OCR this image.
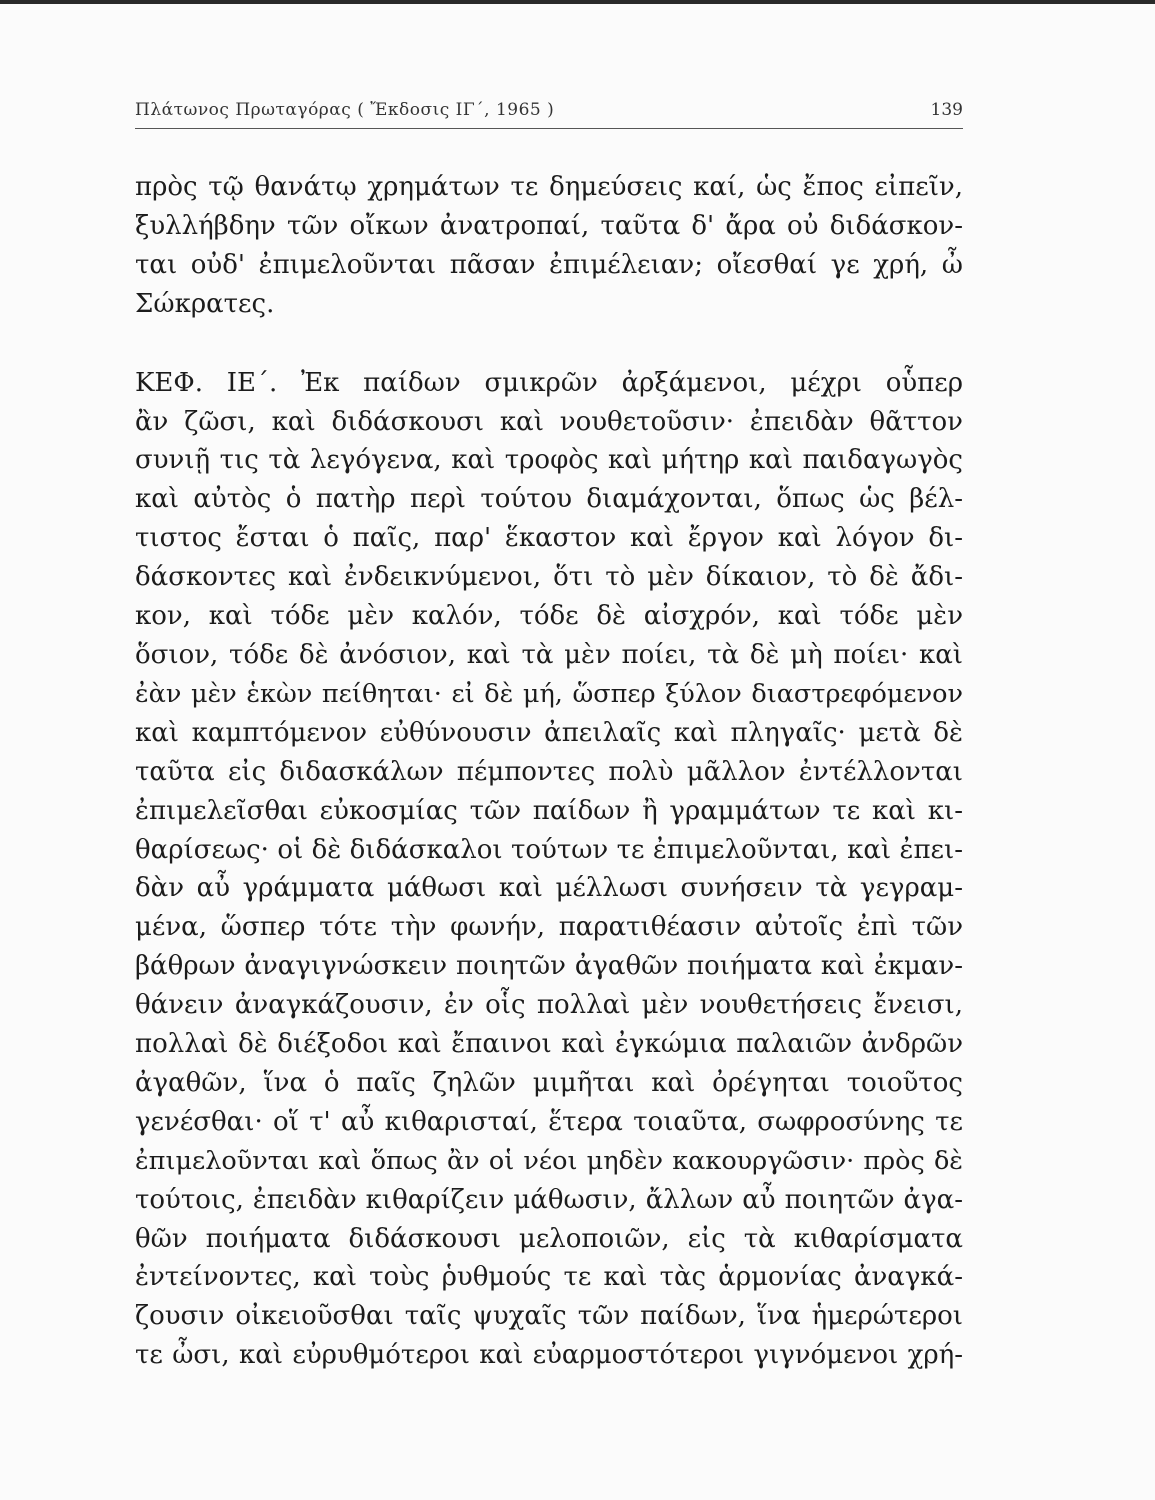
Πλάτωνος Πρωταγόρας ( Ἔκδοσις ΙΓ΄, 1965 )	139
πρὸς τῷ θανάτῳ χρημάτων τε δημεύσεις καί, ὡς ἔπος εἰπεῖν,
ξυλλήβδην τῶν οἴκων ἀνατροπαί, ταῦτα δ' ἄρα οὐ διδάσκον-
ται οὐδ' ἐπιμελοῦνται πᾶσαν ἐπιμέλειαν; οἴεσθαί γε χρή, ὦ
Σώκρατες.
ΚΕΦ. ΙΕ΄. Ἐκ παίδων σμικρῶν ἀρξάμενοι, μέχρι οὗπερ
ἂν ζῶσι, καὶ διδάσκουσι καὶ νουθετοῦσιν· ἐπειδὰν θᾶττον
συνιῇ τις τὰ λεγόγενα, καὶ τροφὸς καὶ μήτηρ καὶ παιδαγωγὸς
καὶ αὐτὸς ὁ πατὴρ περὶ τούτου διαμάχονται, ὅπως ὡς βέλ-
τιστος ἔσται ὁ παῖς, παρ' ἕκαστον καὶ ἔργον καὶ λόγον δι-
δάσκοντες καὶ ἐνδεικνύμενοι, ὅτι τὸ μὲν δίκαιον, τὸ δὲ ἄδι-
κον, καὶ τόδε μὲν καλόν, τόδε δὲ αἰσχρόν, καὶ τόδε μὲν
ὅσιον, τόδε δὲ ἀνόσιον, καὶ τὰ μὲν ποίει, τὰ δὲ μὴ ποίει· καὶ
ἐὰν μὲν ἑκὼν πείθηται· εἰ δὲ μή, ὥσπερ ξύλον διαστρεφόμενον
καὶ καμπτόμενον εὐθύνουσιν ἀπειλαῖς καὶ πληγαῖς· μετὰ δὲ
ταῦτα εἰς διδασκάλων πέμποντες πολὺ μᾶλλον ἐντέλλονται
ἐπιμελεῖσθαι εὐκοσμίας τῶν παίδων ἢ γραμμάτων τε καὶ κι-
θαρίσεως· οἱ δὲ διδάσκαλοι τούτων τε ἐπιμελοῦνται, καὶ ἐπει-
δὰν αὖ γράμματα μάθωσι καὶ μέλλωσι συνήσειν τὰ γεγραμ-
μένα, ὥσπερ τότε τὴν φωνήν, παρατιθέασιν αὐτοῖς ἐπὶ τῶν
βάθρων ἀναγιγνώσκειν ποιητῶν ἀγαθῶν ποιήματα καὶ ἐκμαν-
θάνειν ἀναγκάζουσιν, ἐν οἷς πολλαὶ μὲν νουθετήσεις ἔνεισι,
πολλαὶ δὲ διέξοδοι καὶ ἔπαινοι καὶ ἐγκώμια παλαιῶν ἀνδρῶν
ἀγαθῶν, ἵνα ὁ παῖς ζηλῶν μιμῆται καὶ ὀρέγηται τοιοῦτος
γενέσθαι· οἵ τ' αὖ κιθαρισταί, ἕτερα τοιαῦτα, σωφροσύνης τε
ἐπιμελοῦνται καὶ ὅπως ἂν οἱ νέοι μηδὲν κακουργῶσιν· πρὸς δὲ
τούτοις, ἐπειδὰν κιθαρίζειν μάθωσιν, ἄλλων αὖ ποιητῶν ἀγα-
θῶν ποιήματα διδάσκουσι μελοποιῶν, εἰς τὰ κιθαρίσματα
ἐντείνοντες, καὶ τοὺς ῥυθμούς τε καὶ τὰς ἁρμονίας ἀναγκά-
ζουσιν οἰκειοῦσθαι ταῖς ψυχαῖς τῶν παίδων, ἵνα ἡμερώτεροι
τε ὦσι, καὶ εὐρυθμότεροι καὶ εὐαρμοστότεροι γιγνόμενοι χρή-
